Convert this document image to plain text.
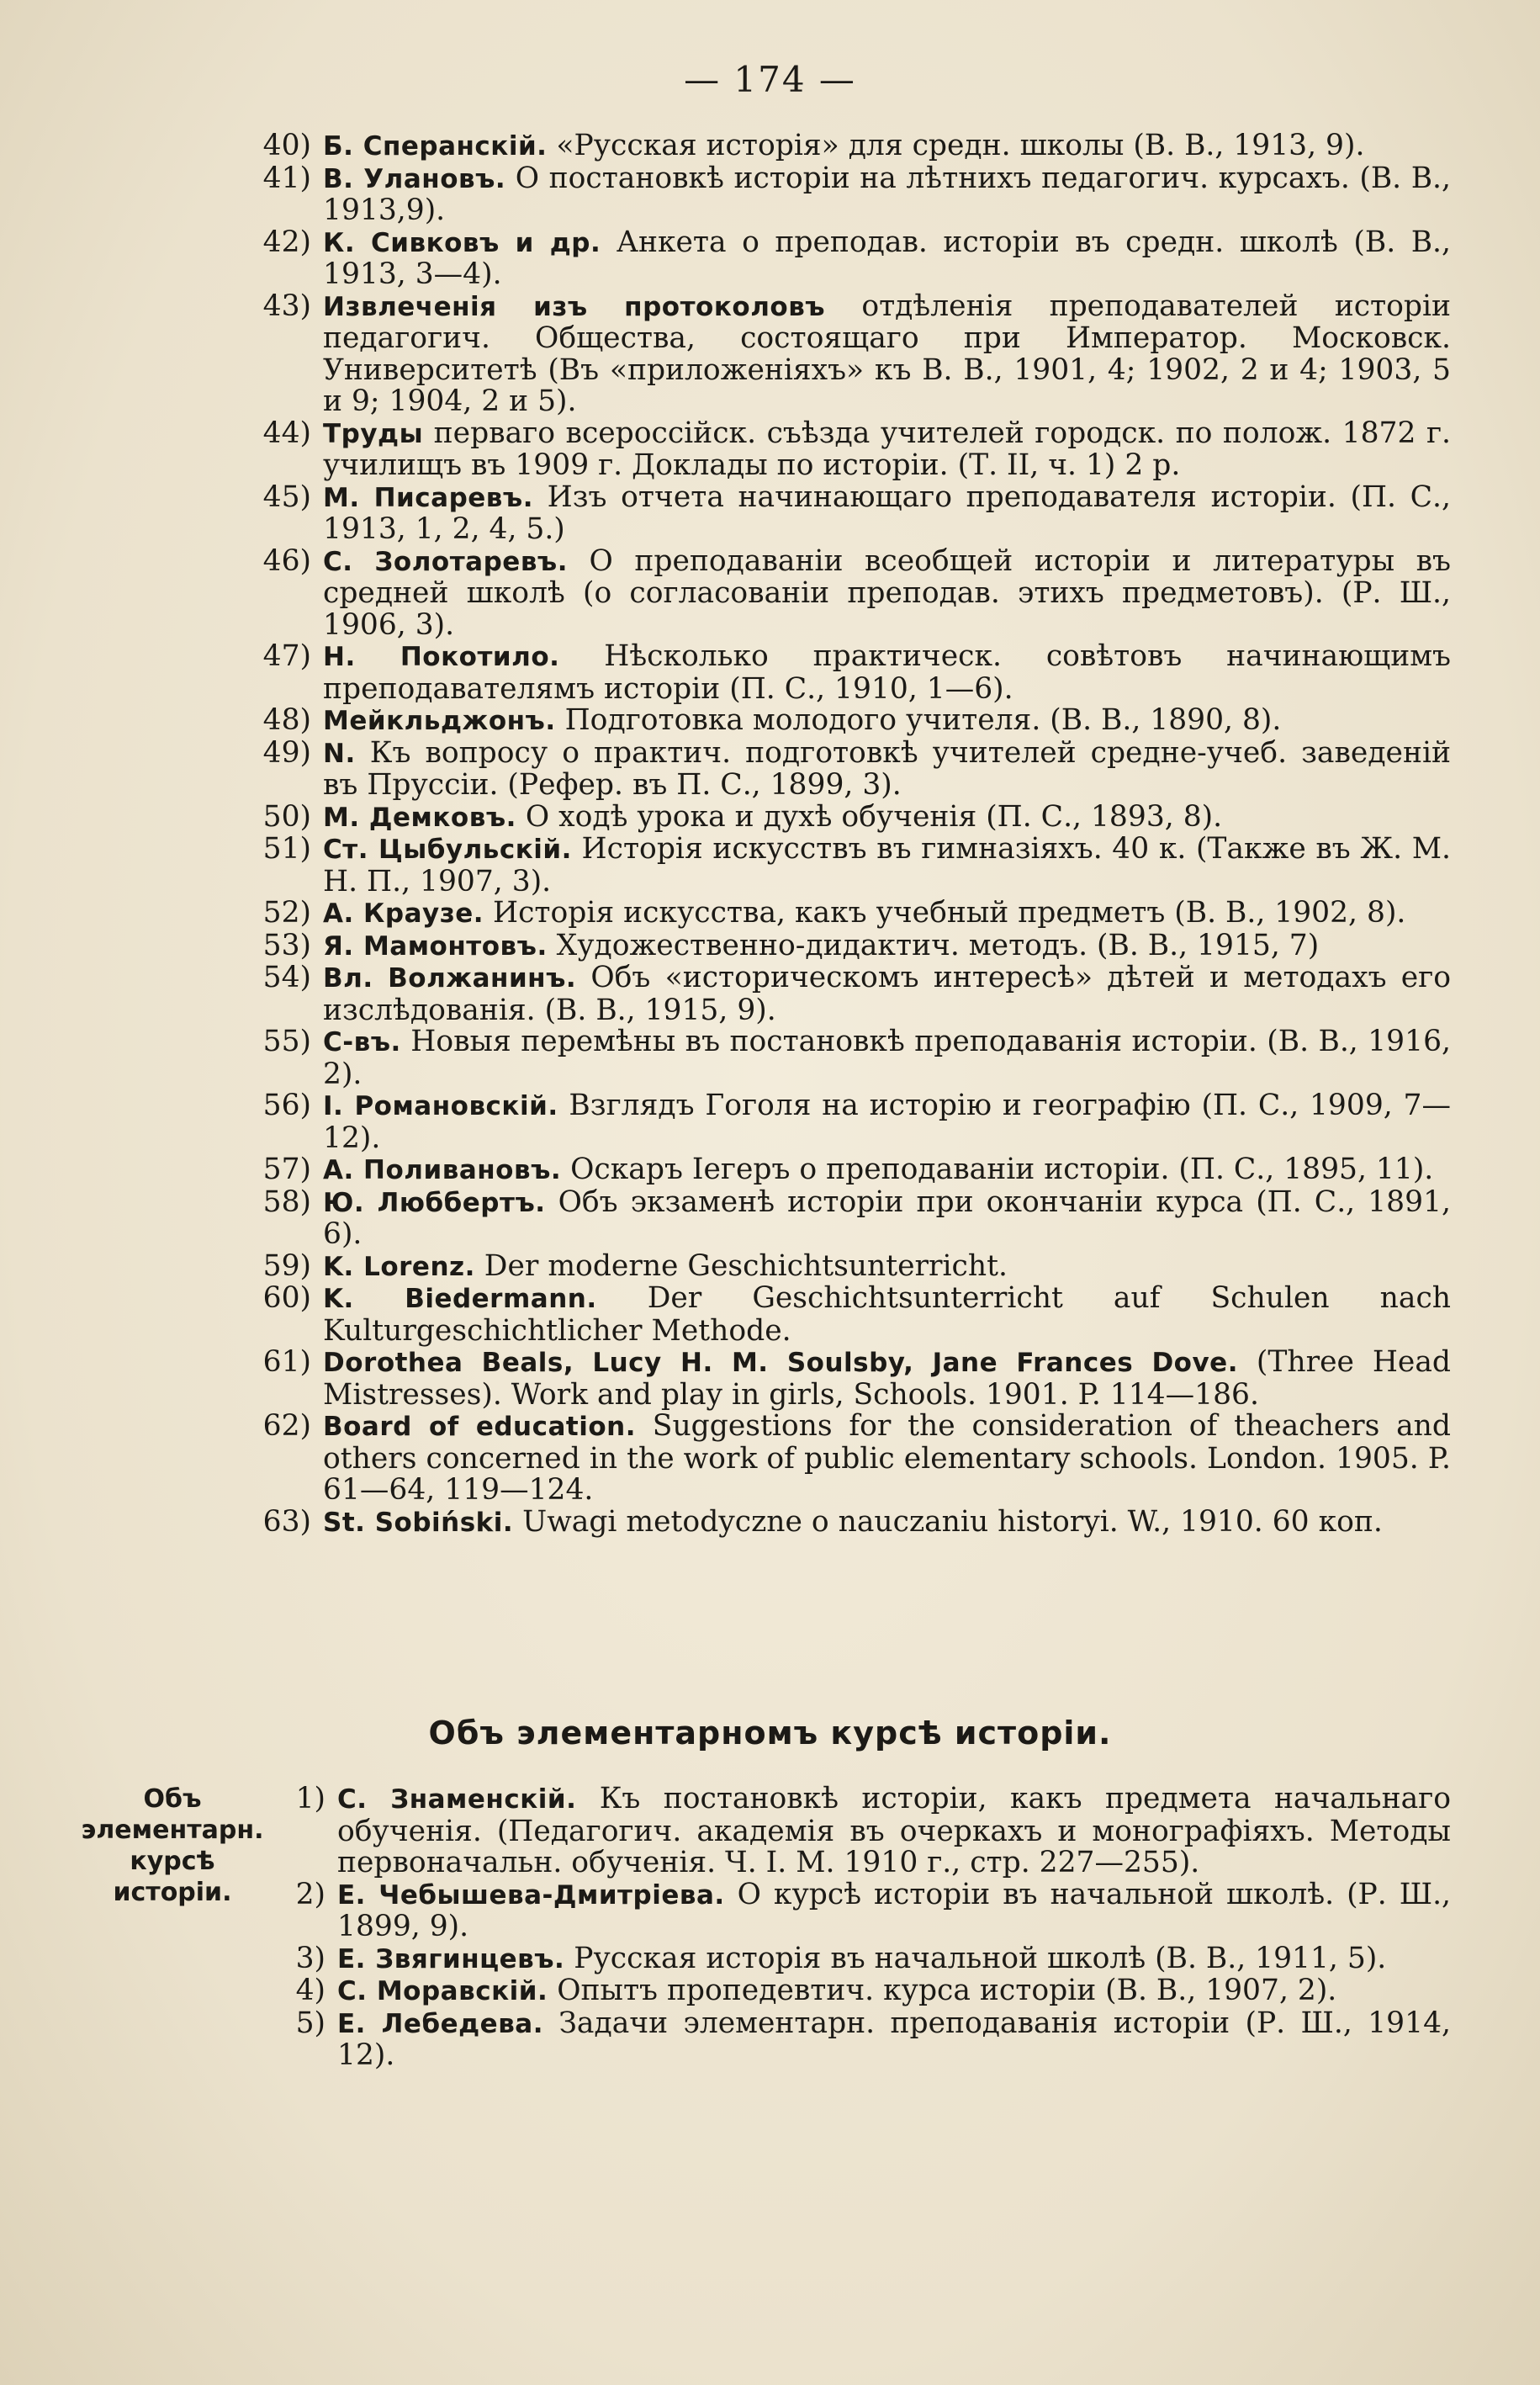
— 174 —
40) Б. Сперанскій. «Русская исторія» для средн. школы (В. В., 1913, 9).
41) В. Улановъ. О постановкѣ исторіи на лѣтнихъ педагогич. курсахъ. (В. В., 1913,9).
42) К. Сивковъ и др. Анкета о преподав. исторіи въ средн. школѣ (В. В., 1913, 3—4).
43) Извлеченія изъ протоколовъ отдѣленія преподавателей исторіи педагогич. Общества, состоящаго при Император. Московск. Университетѣ (Въ «приложеніяхъ» къ В. В., 1901, 4; 1902, 2 и 4; 1903, 5 и 9; 1904, 2 и 5).
44) Труды перваго всероссійск. съѣзда учителей городск. по полож. 1872 г. училищъ въ 1909 г. Доклады по исторіи. (Т. II, ч. 1) 2 р.
45) М. Писаревъ. Изъ отчета начинающаго преподавателя исторіи. (П. С., 1913, 1, 2, 4, 5.)
46) С. Золотаревъ. О преподаваніи всеобщей исторіи и литературы въ средней школѣ (о согласованіи преподав. этихъ предметовъ). (Р. Ш., 1906, 3).
47) Н. Покотило. Нѣсколько практическ. совѣтовъ начинающимъ преподавателямъ исторіи (П. С., 1910, 1—6).
48) Мейкльджонъ. Подготовка молодого учителя. (В. В., 1890, 8).
49) N. Къ вопросу о практич. подготовкѣ учителей средне-учеб. заведеній въ Пруссіи. (Рефер. въ П. С., 1899, 3).
50) М. Демковъ. О ходѣ урока и духѣ обученія (П. С., 1893, 8).
51) Ст. Цыбульскій. Исторія искусствъ въ гимназіяхъ. 40 к. (Также въ Ж. М. Н. П., 1907, 3).
52) А. Краузе. Исторія искусства, какъ учебный предметъ (В. В., 1902, 8).
53) Я. Мамонтовъ. Художественно-дидактич. методъ. (В. В., 1915, 7)
54) Вл. Волжанинъ. Объ «историческомъ интересѣ» дѣтей и методахъ его изслѣдованія. (В. В., 1915, 9).
55) С-въ. Новыя перемѣны въ постановкѣ преподаванія исторіи. (В. В., 1916, 2).
56) І. Романовскій. Взглядъ Гоголя на исторію и географію (П. С., 1909, 7—12).
57) А. Поливановъ. Оскаръ Іегеръ о преподаваніи исторіи. (П. С., 1895, 11).
58) Ю. Люббертъ. Объ экзаменѣ исторіи при окончаніи курса (П. С., 1891, 6).
59) K. Lorenz. Der moderne Geschichtsunterricht.
60) K. Biedermann. Der Geschichtsunterricht auf Schulen nach Kulturgeschichtlicher Methode.
61) Dorothea Beals, Lucy H. M. Soulsby, Jane Frances Dove. (Three Head Mistresses). Work and play in girls, Schools. 1901. P. 114—186.
62) Board of education. Suggestions for the consideration of theachers and others concerned in the work of public elementary schools. London. 1905. P. 61—64, 119—124.
63) St. Sobiński. Uwagi metodyczne o nauczaniu historyi. W., 1910. 60 коп.
Объ элементарномъ курсѣ исторіи.
Объ элементарн. курсѣ исторіи.
1) С. Знаменскій. Къ постановкѣ исторіи, какъ предмета начальнаго обученія. (Педагогич. академія въ очеркахъ и монографіяхъ. Методы первоначальн. обученія. Ч. I. М. 1910 г., стр. 227—255).
2) Е. Чебышева-Дмитріева. О курсѣ исторіи въ начальной школѣ. (Р. Ш., 1899, 9).
3) Е. Звягинцевъ. Русская исторія въ начальной школѣ (В. В., 1911, 5).
4) С. Моравскій. Опытъ пропедевтич. курса исторіи (В. В., 1907, 2).
5) Е. Лебедева. Задачи элементарн. преподаванія исторіи (Р. Ш., 1914, 12).
